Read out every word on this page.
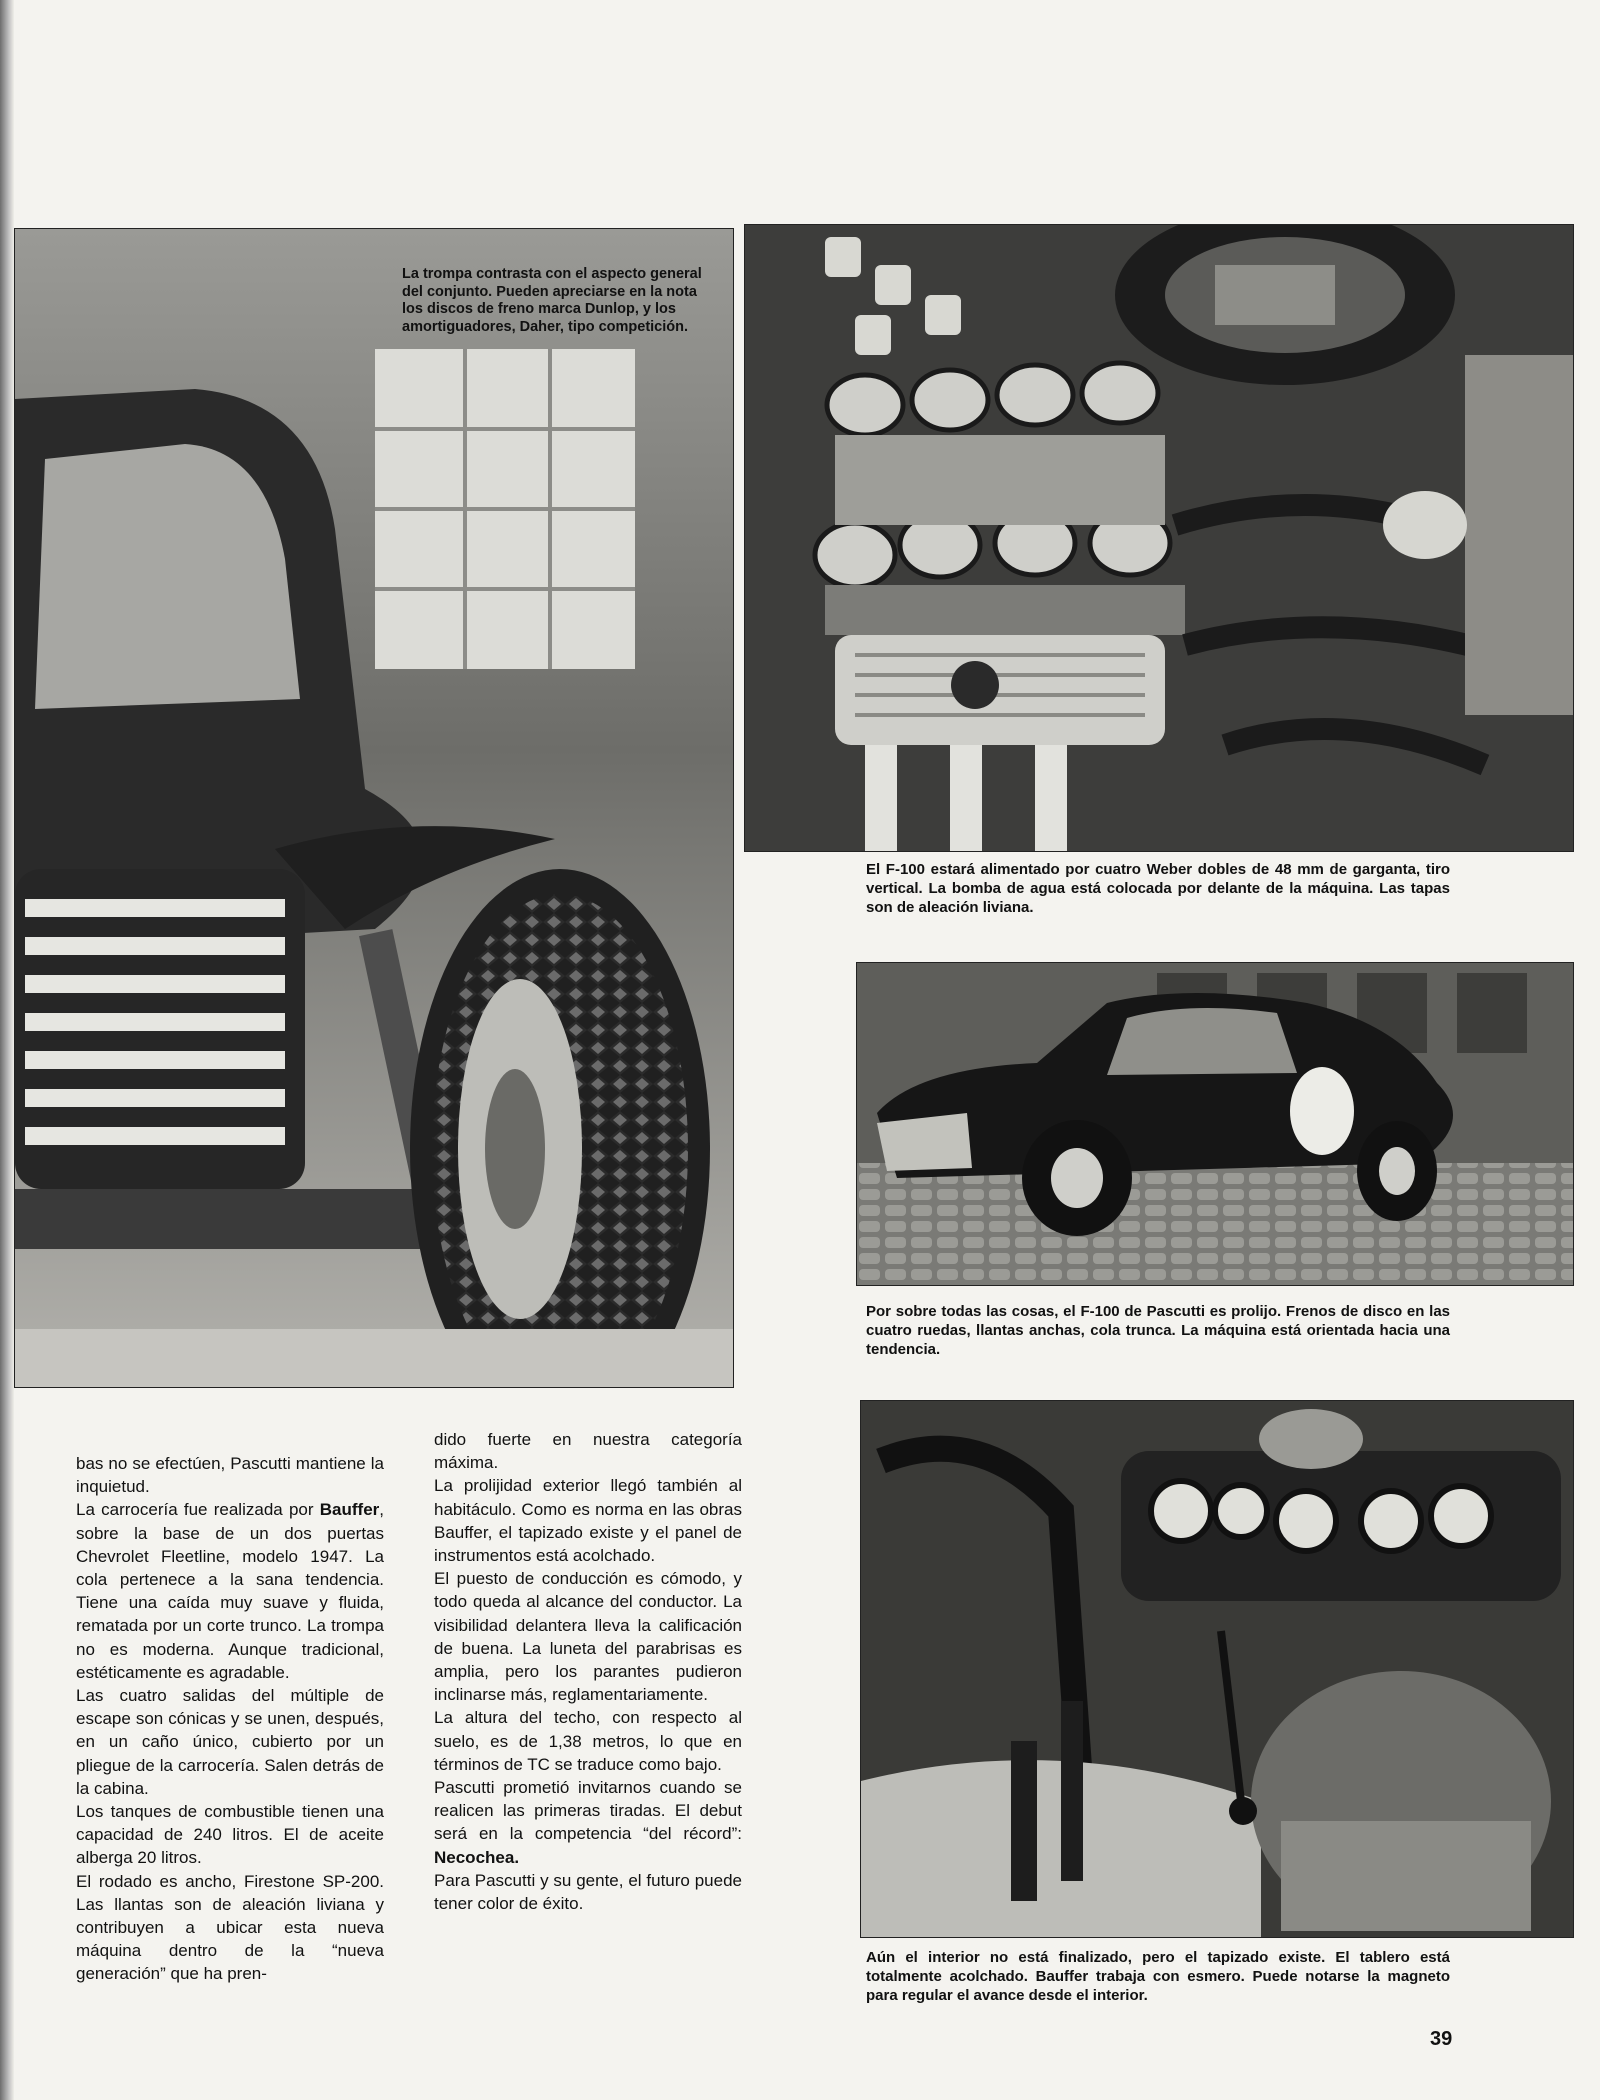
La trompa contrasta con el aspecto general del conjunto. Pueden apreciarse en la nota los discos de freno marca Dunlop, y los amortiguadores, Daher, tipo competición.

El F-100 estará alimentado por cuatro Weber dobles de 48 mm de garganta, tiro vertical. La bomba de agua está colocada por delante de la máquina. Las tapas son de aleación liviana.

Por sobre todas las cosas, el F-100 de Pascutti es prolijo. Frenos de disco en las cuatro ruedas, llantas anchas, cola trunca. La máquina está orientada hacia una tendencia.

Aún el interior no está finalizado, pero el tapizado existe. El tablero está totalmente acolchado. Bauffer trabaja con esmero. Puede notarse la magneto para regular el avance desde el interior.

bas no se efectúen, Pascutti mantiene la inquietud.

La carrocería fue realizada por Bauffer, sobre la base de un dos puertas Chevrolet Fleetline, modelo 1947. La cola pertenece a la sana tendencia. Tiene una caída muy suave y fluida, rematada por un corte trunco. La trompa no es moderna. Aunque tradicional, estéticamente es agradable.

Las cuatro salidas del múltiple de escape son cónicas y se unen, después, en un caño único, cubierto por un pliegue de la carrocería. Salen detrás de la cabina.

Los tanques de combustible tienen una capacidad de 240 litros. El de aceite alberga 20 litros.

El rodado es ancho, Firestone SP-200. Las llantas son de aleación liviana y contribuyen a ubicar esta nueva máquina dentro de la “nueva generación” que ha pren-

dido fuerte en nuestra categoría máxima.

La prolijidad exterior llegó también al habitáculo. Como es norma en las obras Bauffer, el tapizado existe y el panel de instrumentos está acolchado.

El puesto de conducción es cómodo, y todo queda al alcance del conductor. La visibilidad delantera lleva la calificación de buena. La luneta del parabrisas es amplia, pero los parantes pudieron inclinarse más, reglamentariamente.

La altura del techo, con respecto al suelo, es de 1,38 metros, lo que en términos de TC se traduce como bajo.

Pascutti prometió invitarnos cuando se realicen las primeras tiradas. El debut será en la competencia “del récord”: Necochea.

Para Pascutti y su gente, el futuro puede tener color de éxito.

39
